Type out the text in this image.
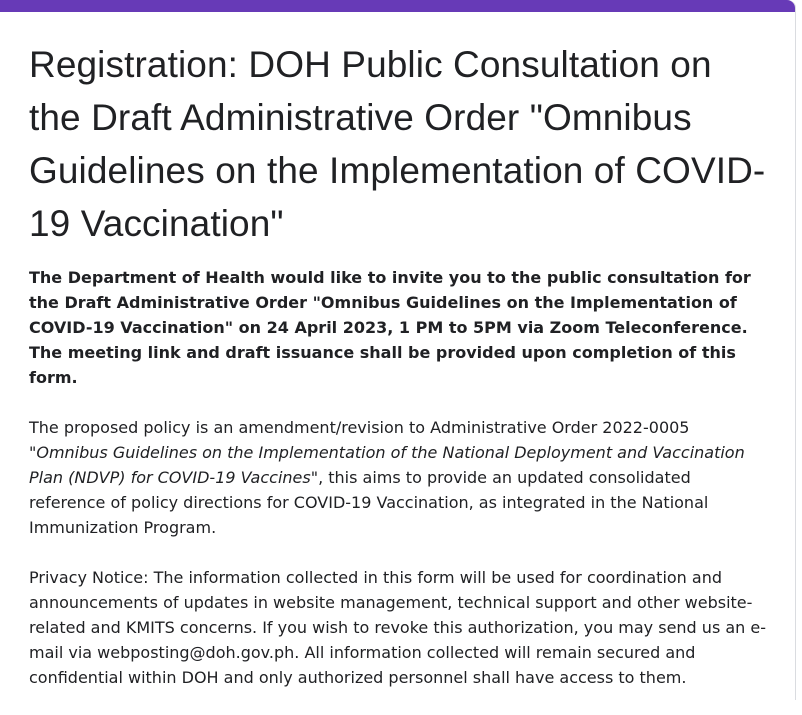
Registration: DOH Public Consultation on the Draft Administrative Order "Omnibus Guidelines on the Implementation of COVID-19 Vaccination"

The Department of Health would like to invite you to the public consultation for the Draft Administrative Order "Omnibus Guidelines on the Implementation of COVID-19 Vaccination" on 24 April 2023, 1 PM to 5PM via Zoom Teleconference. The meeting link and draft issuance shall be provided upon completion of this form.

The proposed policy is an amendment/revision to Administrative Order 2022-0005 "Omnibus Guidelines on the Implementation of the National Deployment and Vaccination Plan (NDVP) for COVID-19 Vaccines", this aims to provide an updated consolidated reference of policy directions for COVID-19 Vaccination, as integrated in the National Immunization Program.

Privacy Notice: The information collected in this form will be used for coordination and announcements of updates in website management, technical support and other website-related and KMITS concerns. If you wish to revoke this authorization, you may send us an e-mail via webposting@doh.gov.ph. All information collected will remain secured and confidential within DOH and only authorized personnel shall have access to them.
